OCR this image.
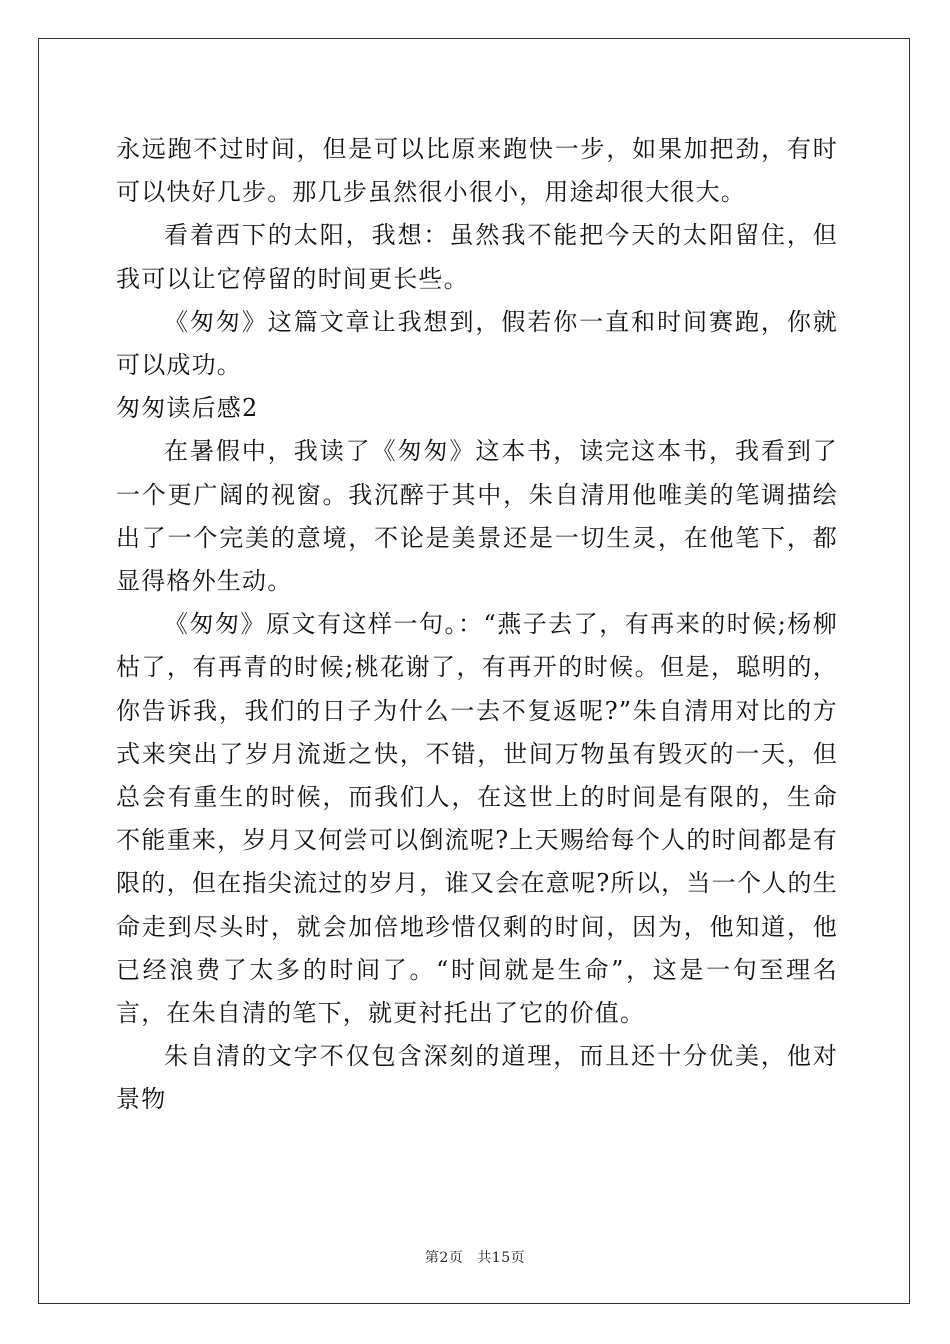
永远跑不过时间，但是可以比原来跑快一步，如果加把劲，有时可以快好几步。那几步虽然很小很小，用途却很大很大。

看着西下的太阳，我想：虽然我不能把今天的太阳留住，但我可以让它停留的时间更长些。

《匆匆》这篇文章让我想到，假若你一直和时间赛跑，你就可以成功。

匆匆读后感2

在暑假中，我读了《匆匆》这本书，读完这本书，我看到了一个更广阔的视窗。我沉醉于其中，朱自清用他唯美的笔调描绘出了一个完美的意境，不论是美景还是一切生灵，在他笔下，都显得格外生动。

《匆匆》原文有这样一句。：“燕子去了，有再来的时候;杨柳枯了，有再青的时候;桃花谢了，有再开的时候。但是，聪明的，你告诉我，我们的日子为什么一去不复返呢?”朱自清用对比的方式来突出了岁月流逝之快，不错，世间万物虽有毁灭的一天，但总会有重生的时候，而我们人，在这世上的时间是有限的，生命不能重来，岁月又何尝可以倒流呢?上天赐给每个人的时间都是有限的，但在指尖流过的岁月，谁又会在意呢?所以，当一个人的生命走到尽头时，就会加倍地珍惜仅剩的时间，因为，他知道，他已经浪费了太多的时间了。“时间就是生命”，这是一句至理名言，在朱自清的笔下，就更衬托出了它的价值。

朱自清的文字不仅包含深刻的道理，而且还十分优美，他对景物

第2页 共15页
